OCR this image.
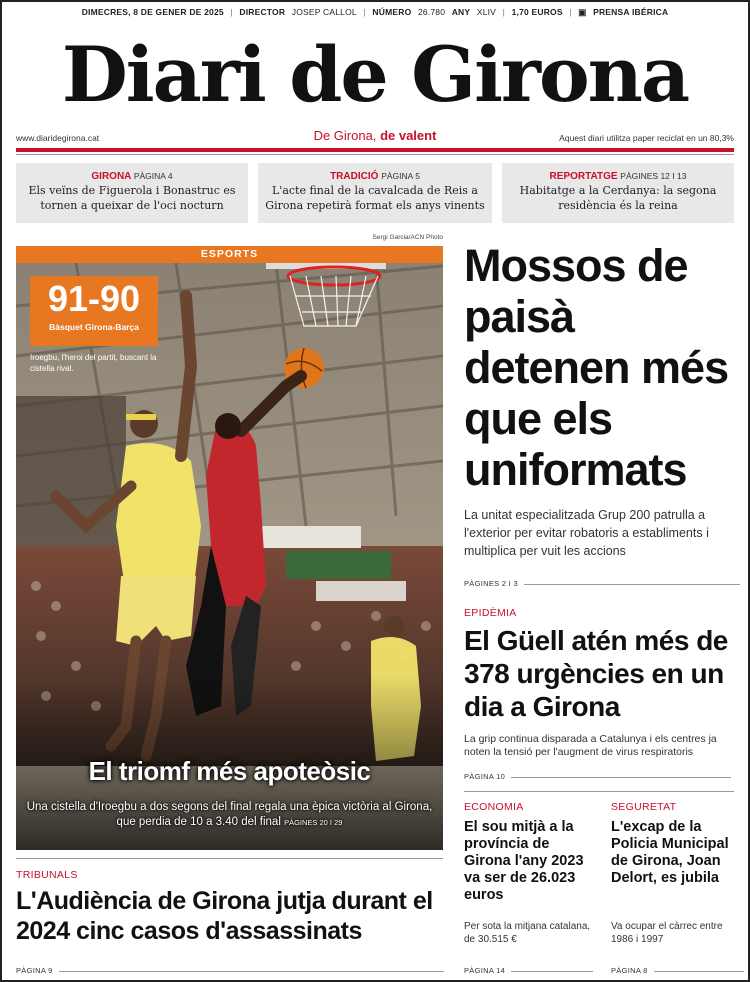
DIMECRES, 8 DE GENER DE 2025 | DIRECTOR JOSEP CALLOL | NÚMERO 26.780 ANY XLIV | 1,70 EUROS | ▣ PRENSA IBÉRICA
Diari de Girona
www.diaridegirona.cat	De Girona, de valent	Aquest diari utilitza paper reciclat en un 80,3%
GIRONA PÀGINA 4
Els veïns de Figuerola i Bonastruc es tornen a queixar de l'oci nocturn
TRADICIÓ PÀGINA 5
L'acte final de la cavalcada de Reis a Girona repetirà format els anys vinents
REPORTATGE PÀGINES 12 I 13
Habitatge a la Cerdanya: la segona residència és la reina
Sergi Garcia/ACN Photo
ESPORTS
91-90
Bàsquet Girona-Barça
Iroegbu, l'heroi del partit, buscant la cistella rival.
El triomf més apoteòsic
Una cistella d'Iroegbu a dos segons del final regala una èpica victòria al Girona, que perdia de 10 a 3.40 del final PÀGINES 20 I 29
Mossos de paisà detenen més que els uniformats
La unitat especialitzada Grup 200 patrulla a l'exterior per evitar robatoris a establiments i multiplica per vuit les accions
PÀGINES 2 I 3
EPIDÈMIA
El Güell atén més de 378 urgències en un dia a Girona
La grip continua disparada a Catalunya i els centres ja noten la tensió per l'augment de virus respiratoris
PÀGINA 10
ECONOMIA
El sou mitjà a la província de Girona l'any 2023 va ser de 26.023 euros
Per sota la mitjana catalana, de 30.515 €
PÀGINA 14
SEGURETAT
L'excap de la Policia Municipal de Girona, Joan Delort, es jubila
Va ocupar el càrrec entre 1986 i 1997
PÀGINA 8
TRIBUNALS
L'Audiència de Girona jutja durant el 2024 cinc casos d'assassinats
PÀGINA 9
